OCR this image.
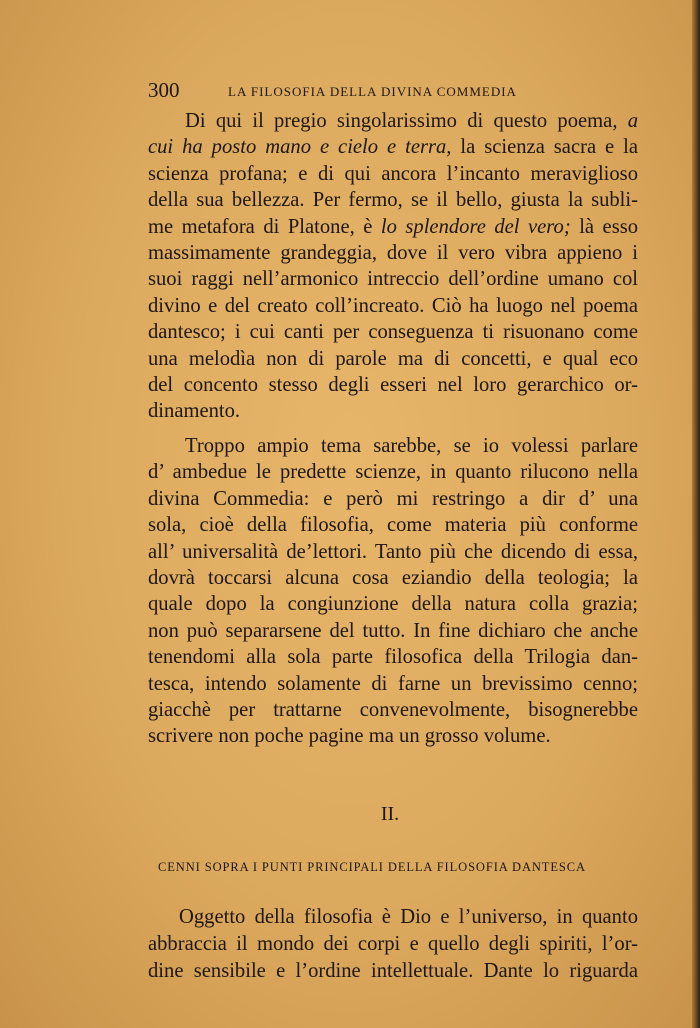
300	LA FILOSOFIA DELLA DIVINA COMMEDIA
Di qui il pregio singolarissimo di questo poema, a
cui ha posto mano e cielo e terra, la scienza sacra e la
scienza profana; e di qui ancora l’incanto meraviglioso
della sua bellezza. Per fermo, se il bello, giusta la subli-
me metafora di Platone, è lo splendore del vero; là esso
massimamente grandeggia, dove il vero vibra appieno i
suoi raggi nell’armonico intreccio dell’ordine umano col
divino e del creato coll’increato. Ciò ha luogo nel poema
dantesco; i cui canti per conseguenza ti risuonano come
una melodìa non di parole ma di concetti, e qual eco
del concento stesso degli esseri nel loro gerarchico or-
dinamento.
Troppo ampio tema sarebbe, se io volessi parlare
d’ ambedue le predette scienze, in quanto rilucono nella
divina Commedia: e però mi restringo a dir d’ una
sola, cioè della filosofia, come materia più conforme
all’ universalità de’lettori. Tanto più che dicendo di essa,
dovrà toccarsi alcuna cosa eziandio della teologia; la
quale dopo la congiunzione della natura colla grazia;
non può separarsene del tutto. In fine dichiaro che anche
tenendomi alla sola parte filosofica della Trilogia dan-
tesca, intendo solamente di farne un brevissimo cenno;
giacchè per trattarne convenevolmente, bisognerebbe
scrivere non poche pagine ma un grosso volume.
II.
CENNI SOPRA I PUNTI PRINCIPALI DELLA FILOSOFIA DANTESCA
Oggetto della filosofia è Dio e l’universo, in quanto
abbraccia il mondo dei corpi e quello degli spiriti, l’or-
dine sensibile e l’ordine intellettuale. Dante lo riguarda
